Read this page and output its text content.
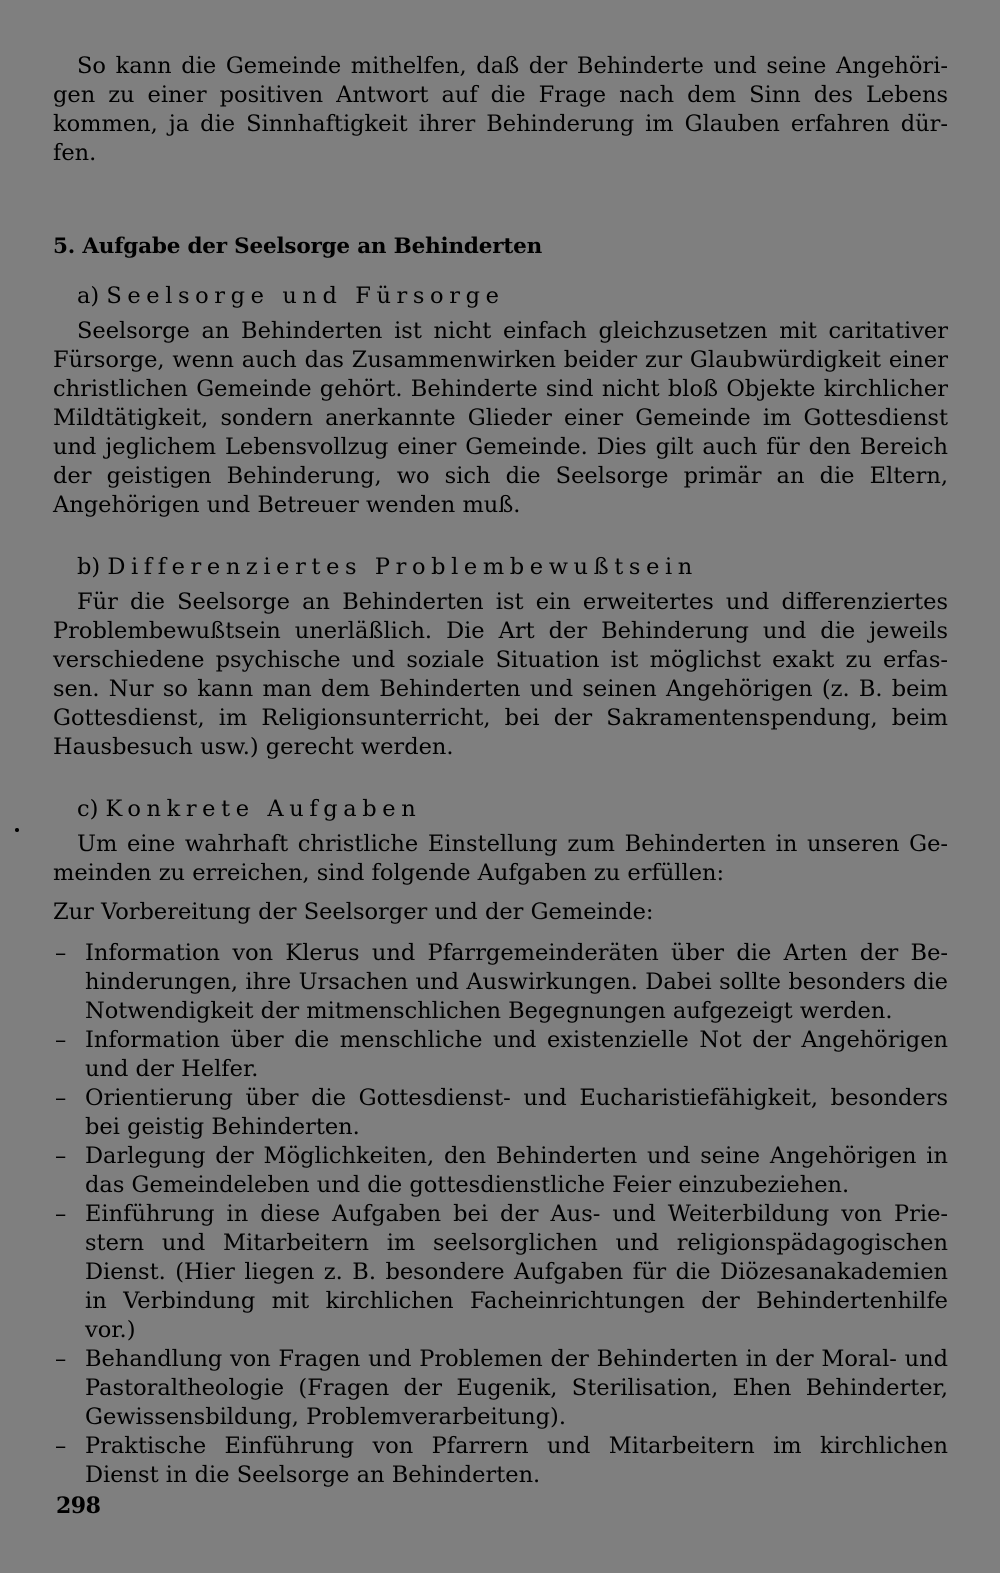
So kann die Gemeinde mithelfen, daß der Behinderte und seine Angehörigen zu einer positiven Antwort auf die Frage nach dem Sinn des Lebens kommen, ja die Sinnhaftigkeit ihrer Behinderung im Glauben erfahren dürfen.

5. Aufgabe der Seelsorge an Behinderten
a) Seelsorge und Fürsorge

Seelsorge an Behinderten ist nicht einfach gleichzusetzen mit caritativer Fürsorge, wenn auch das Zusammenwirken beider zur Glaubwürdigkeit einer christlichen Gemeinde gehört. Behinderte sind nicht bloß Objekte kirchlicher Mildtätigkeit, sondern anerkannte Glieder einer Gemeinde im Gottesdienst und jeglichem Lebensvollzug einer Gemeinde. Dies gilt auch für den Bereich der geistigen Behinderung, wo sich die Seelsorge primär an die Eltern, Angehörigen und Betreuer wenden muß.

b) Differenziertes Problembewußtsein

Für die Seelsorge an Behinderten ist ein erweitertes und differenziertes Problembewußtsein unerläßlich. Die Art der Behinderung und die jeweils verschiedene psychische und soziale Situation ist möglichst exakt zu erfassen. Nur so kann man dem Behinderten und seinen Angehörigen (z. B. beim Gottesdienst, im Religionsunterricht, bei der Sakramentenspendung, beim Hausbesuch usw.) gerecht werden.

c) Konkrete Aufgaben

Um eine wahrhaft christliche Einstellung zum Behinderten in unseren Gemeinden zu erreichen, sind folgende Aufgaben zu erfüllen:

Zur Vorbereitung der Seelsorger und der Gemeinde:

– Information von Klerus und Pfarrgemeinderäten über die Arten der Behinderungen, ihre Ursachen und Auswirkungen. Dabei sollte besonders die Notwendigkeit der mitmenschlichen Begegnungen aufgezeigt werden.
– Information über die menschliche und existenzielle Not der Angehörigen und der Helfer.
– Orientierung über die Gottesdienst- und Eucharistiefähigkeit, besonders bei geistig Behinderten.
– Darlegung der Möglichkeiten, den Behinderten und seine Angehörigen in das Gemeindeleben und die gottesdienstliche Feier einzubeziehen.
– Einführung in diese Aufgaben bei der Aus- und Weiterbildung von Priestern und Mitarbeitern im seelsorglichen und religionspädagogischen Dienst. (Hier liegen z. B. besondere Aufgaben für die Diözesanakademien in Verbindung mit kirchlichen Facheinrichtungen der Behindertenhilfe vor.)
– Behandlung von Fragen und Problemen der Behinderten in der Moral- und Pastoraltheologie (Fragen der Eugenik, Sterilisation, Ehen Behinderter, Gewissensbildung, Problemverarbeitung).
– Praktische Einführung von Pfarrern und Mitarbeitern im kirchlichen Dienst in die Seelsorge an Behinderten.
298
